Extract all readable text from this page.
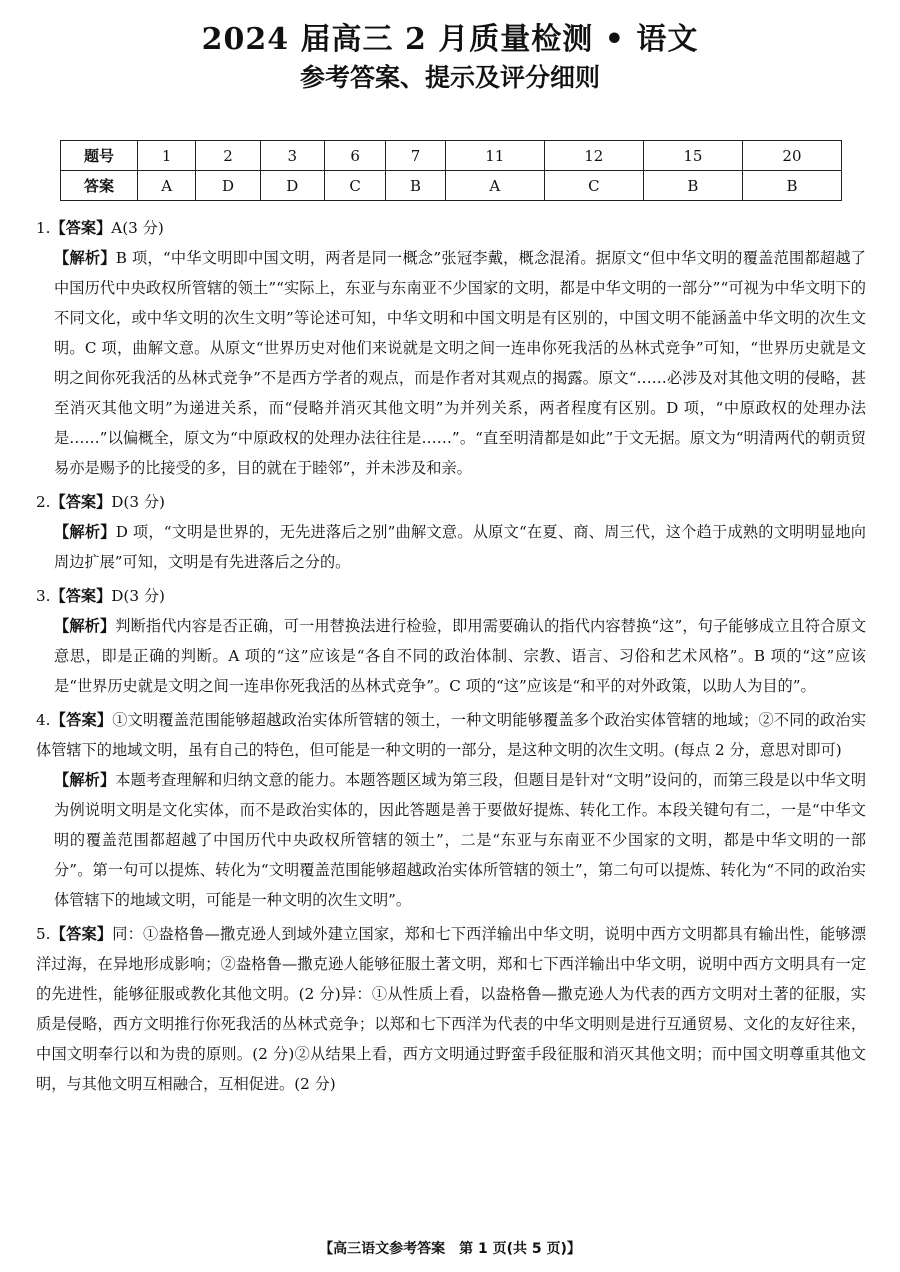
2024 届高三 2 月质量检测 • 语文
参考答案、提示及评分细则
题号	1	2	3	6	7	11	12	15	20
答案	A	D	D	C	B	A	C	B	B

1.【答案】A(3 分)

【解析】B 项，“中华文明即中国文明，两者是同一概念”张冠李戴，概念混淆。据原文“但中华文明的覆盖范围都超越了中国历代中央政权所管辖的领土”“实际上，东亚与东南亚不少国家的文明，都是中华文明的一部分”“可视为中华文明下的不同文化，或中华文明的次生文明”等论述可知，中华文明和中国文明是有区别的，中国文明不能涵盖中华文明的次生文明。C 项，曲解文意。从原文“世界历史对他们来说就是文明之间一连串你死我活的丛林式竞争”可知，“世界历史就是文明之间你死我活的丛林式竞争”不是西方学者的观点，而是作者对其观点的揭露。原文“……必涉及对其他文明的侵略，甚至消灭其他文明”为递进关系，而“侵略并消灭其他文明”为并列关系，两者程度有区别。D 项，“中原政权的处理办法是……”以偏概全，原文为“中原政权的处理办法往往是……”。“直至明清都是如此”于文无据。原文为“明清两代的朝贡贸易亦是赐予的比接受的多，目的就在于睦邻”，并未涉及和亲。

2.【答案】D(3 分)

【解析】D 项，“文明是世界的，无先进落后之别”曲解文意。从原文“在夏、商、周三代，这个趋于成熟的文明明显地向周边扩展”可知，文明是有先进落后之分的。

3.【答案】D(3 分)

【解析】判断指代内容是否正确，可一用替换法进行检验，即用需要确认的指代内容替换“这”，句子能够成立且符合原文意思，即是正确的判断。A 项的“这”应该是“各自不同的政治体制、宗教、语言、习俗和艺术风格”。B 项的“这”应该是“世界历史就是文明之间一连串你死我活的丛林式竞争”。C 项的“这”应该是“和平的对外政策，以助人为目的”。

4.【答案】①文明覆盖范围能够超越政治实体所管辖的领土，一种文明能够覆盖多个政治实体管辖的地域；②不同的政治实体管辖下的地域文明，虽有自己的特色，但可能是一种文明的一部分，是这种文明的次生文明。(每点 2 分，意思对即可)

【解析】本题考查理解和归纳文意的能力。本题答题区域为第三段，但题目是针对“文明”设问的，而第三段是以中华文明为例说明文明是文化实体，而不是政治实体的，因此答题是善于要做好提炼、转化工作。本段关键句有二，一是“中华文明的覆盖范围都超越了中国历代中央政权所管辖的领土”，二是“东亚与东南亚不少国家的文明，都是中华文明的一部分”。第一句可以提炼、转化为“文明覆盖范围能够超越政治实体所管辖的领土”，第二句可以提炼、转化为“不同的政治实体管辖下的地域文明，可能是一种文明的次生文明”。

5.【答案】同：①盎格鲁—撒克逊人到域外建立国家，郑和七下西洋输出中华文明，说明中西方文明都具有输出性，能够漂洋过海，在异地形成影响；②盎格鲁—撒克逊人能够征服土著文明，郑和七下西洋输出中华文明，说明中西方文明具有一定的先进性，能够征服或教化其他文明。(2 分)异：①从性质上看，以盎格鲁—撒克逊人为代表的西方文明对土著的征服，实质是侵略，西方文明推行你死我活的丛林式竞争；以郑和七下西洋为代表的中华文明则是进行互通贸易、文化的友好往来，中国文明奉行以和为贵的原则。(2 分)②从结果上看，西方文明通过野蛮手段征服和消灭其他文明；而中国文明尊重其他文明，与其他文明互相融合，互相促进。(2 分)

【高三语文参考答案　第 1 页(共 5 页)】
